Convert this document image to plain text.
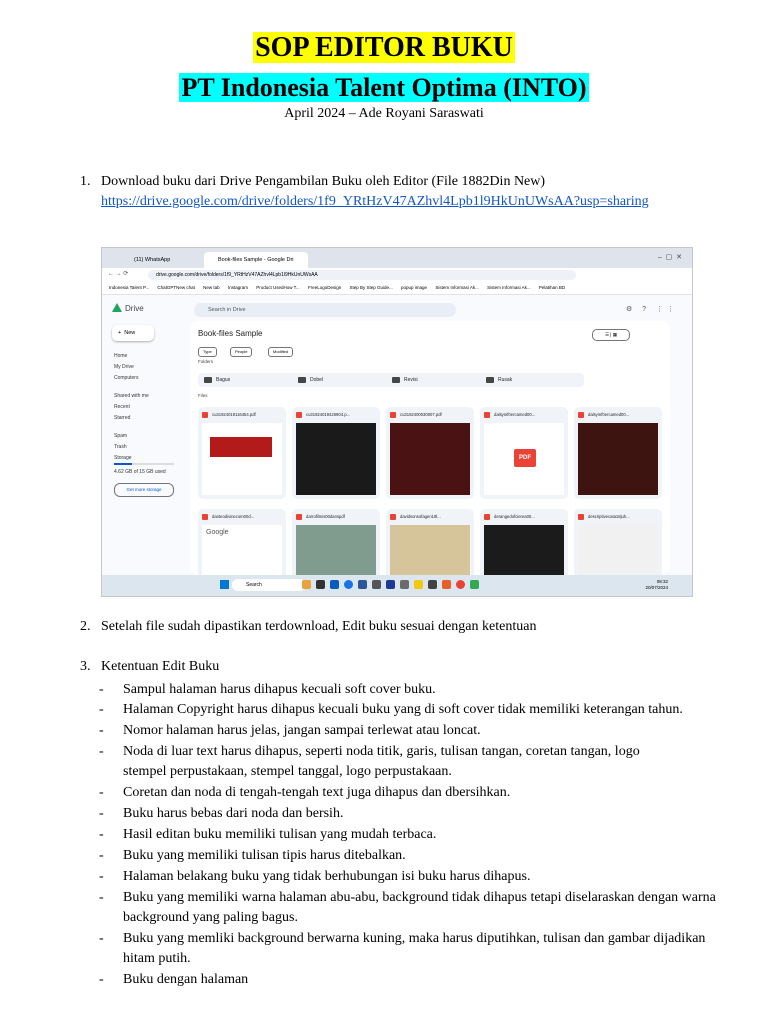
SOP EDITOR BUKU
PT Indonesia Talent Optima (INTO)
April 2024 – Ade Royani Saraswati
1. Download buku dari Drive Pengambilan Buku oleh Editor (File 1882Din New)
https://drive.google.com/drive/folders/1f9_YRtHzV47AZhvl4Lpb1l9HkUnUWsAA?usp=sharing
(11) WhatsApp	Book-files Sample - Google Dri	–  ▢  ✕
← → ⟳	drive.google.com/drive/folders/1f9_YRtHzV47AZhvl4Lpb1l9HkUnUWsAA
Indonesia Talent P... ChatGPTNew chat New tab Instagram Product UsedHow T... FreeLogoDesign Step By Step Guide... popup image Sistem Informasi Ak... Sistem Informasi Ak... Pelatihan BD
Drive	Search in Drive	⚙ ? ⋮⋮
+  New
Home
My Drive
Computers
Shared with me
Recent
Starred
Spam
Trash
Storage
4.62 GB of 15 GB used
Get more storage
Book-files Sample	☰ | ▦
Type	People	Modified
Folders
Bagus	Dobel	Revisi	Rusak
Files
cu31924019116454.pdf	cu31924019426904.p...	cu3192400030007.pdf	dalsymf0ercamed00...
PDF
dalsymf0ercamed00...
danteodivinecom00d...
Google
darrofilmis00danspdf	davidsonsofagen18l...	derangedofcierea00...	descriptivecata18juh...
Search
08:32
20/07/2024
2. Setelah file sudah dipastikan terdownload, Edit buku sesuai dengan ketentuan
3. Ketentuan Edit Buku
- Sampul halaman harus dihapus kecuali soft cover buku.
- Halaman Copyright harus dihapus kecuali buku yang di soft cover tidak memiliki keterangan tahun.
- Nomor halaman harus jelas, jangan sampai terlewat atau loncat.
- Noda di luar text harus dihapus, seperti noda titik, garis, tulisan tangan, coretan tangan, logo stempel perpustakaan, stempel tanggal, logo perpustakaan.
- Coretan dan noda di tengah-tengah text juga dihapus dan dbersihkan.
- Buku harus bebas dari noda dan bersih.
- Hasil editan buku memiliki tulisan yang mudah terbaca.
- Buku yang memiliki tulisan tipis harus ditebalkan.
- Halaman belakang buku yang tidak berhubungan isi buku harus dihapus.
- Buku yang memiliki warna halaman abu-abu, background tidak dihapus tetapi diselaraskan dengan warna background yang paling bagus.
- Buku yang memliki background berwarna kuning, maka harus diputihkan, tulisan dan gambar dijadikan hitam putih.
- Buku dengan halaman
